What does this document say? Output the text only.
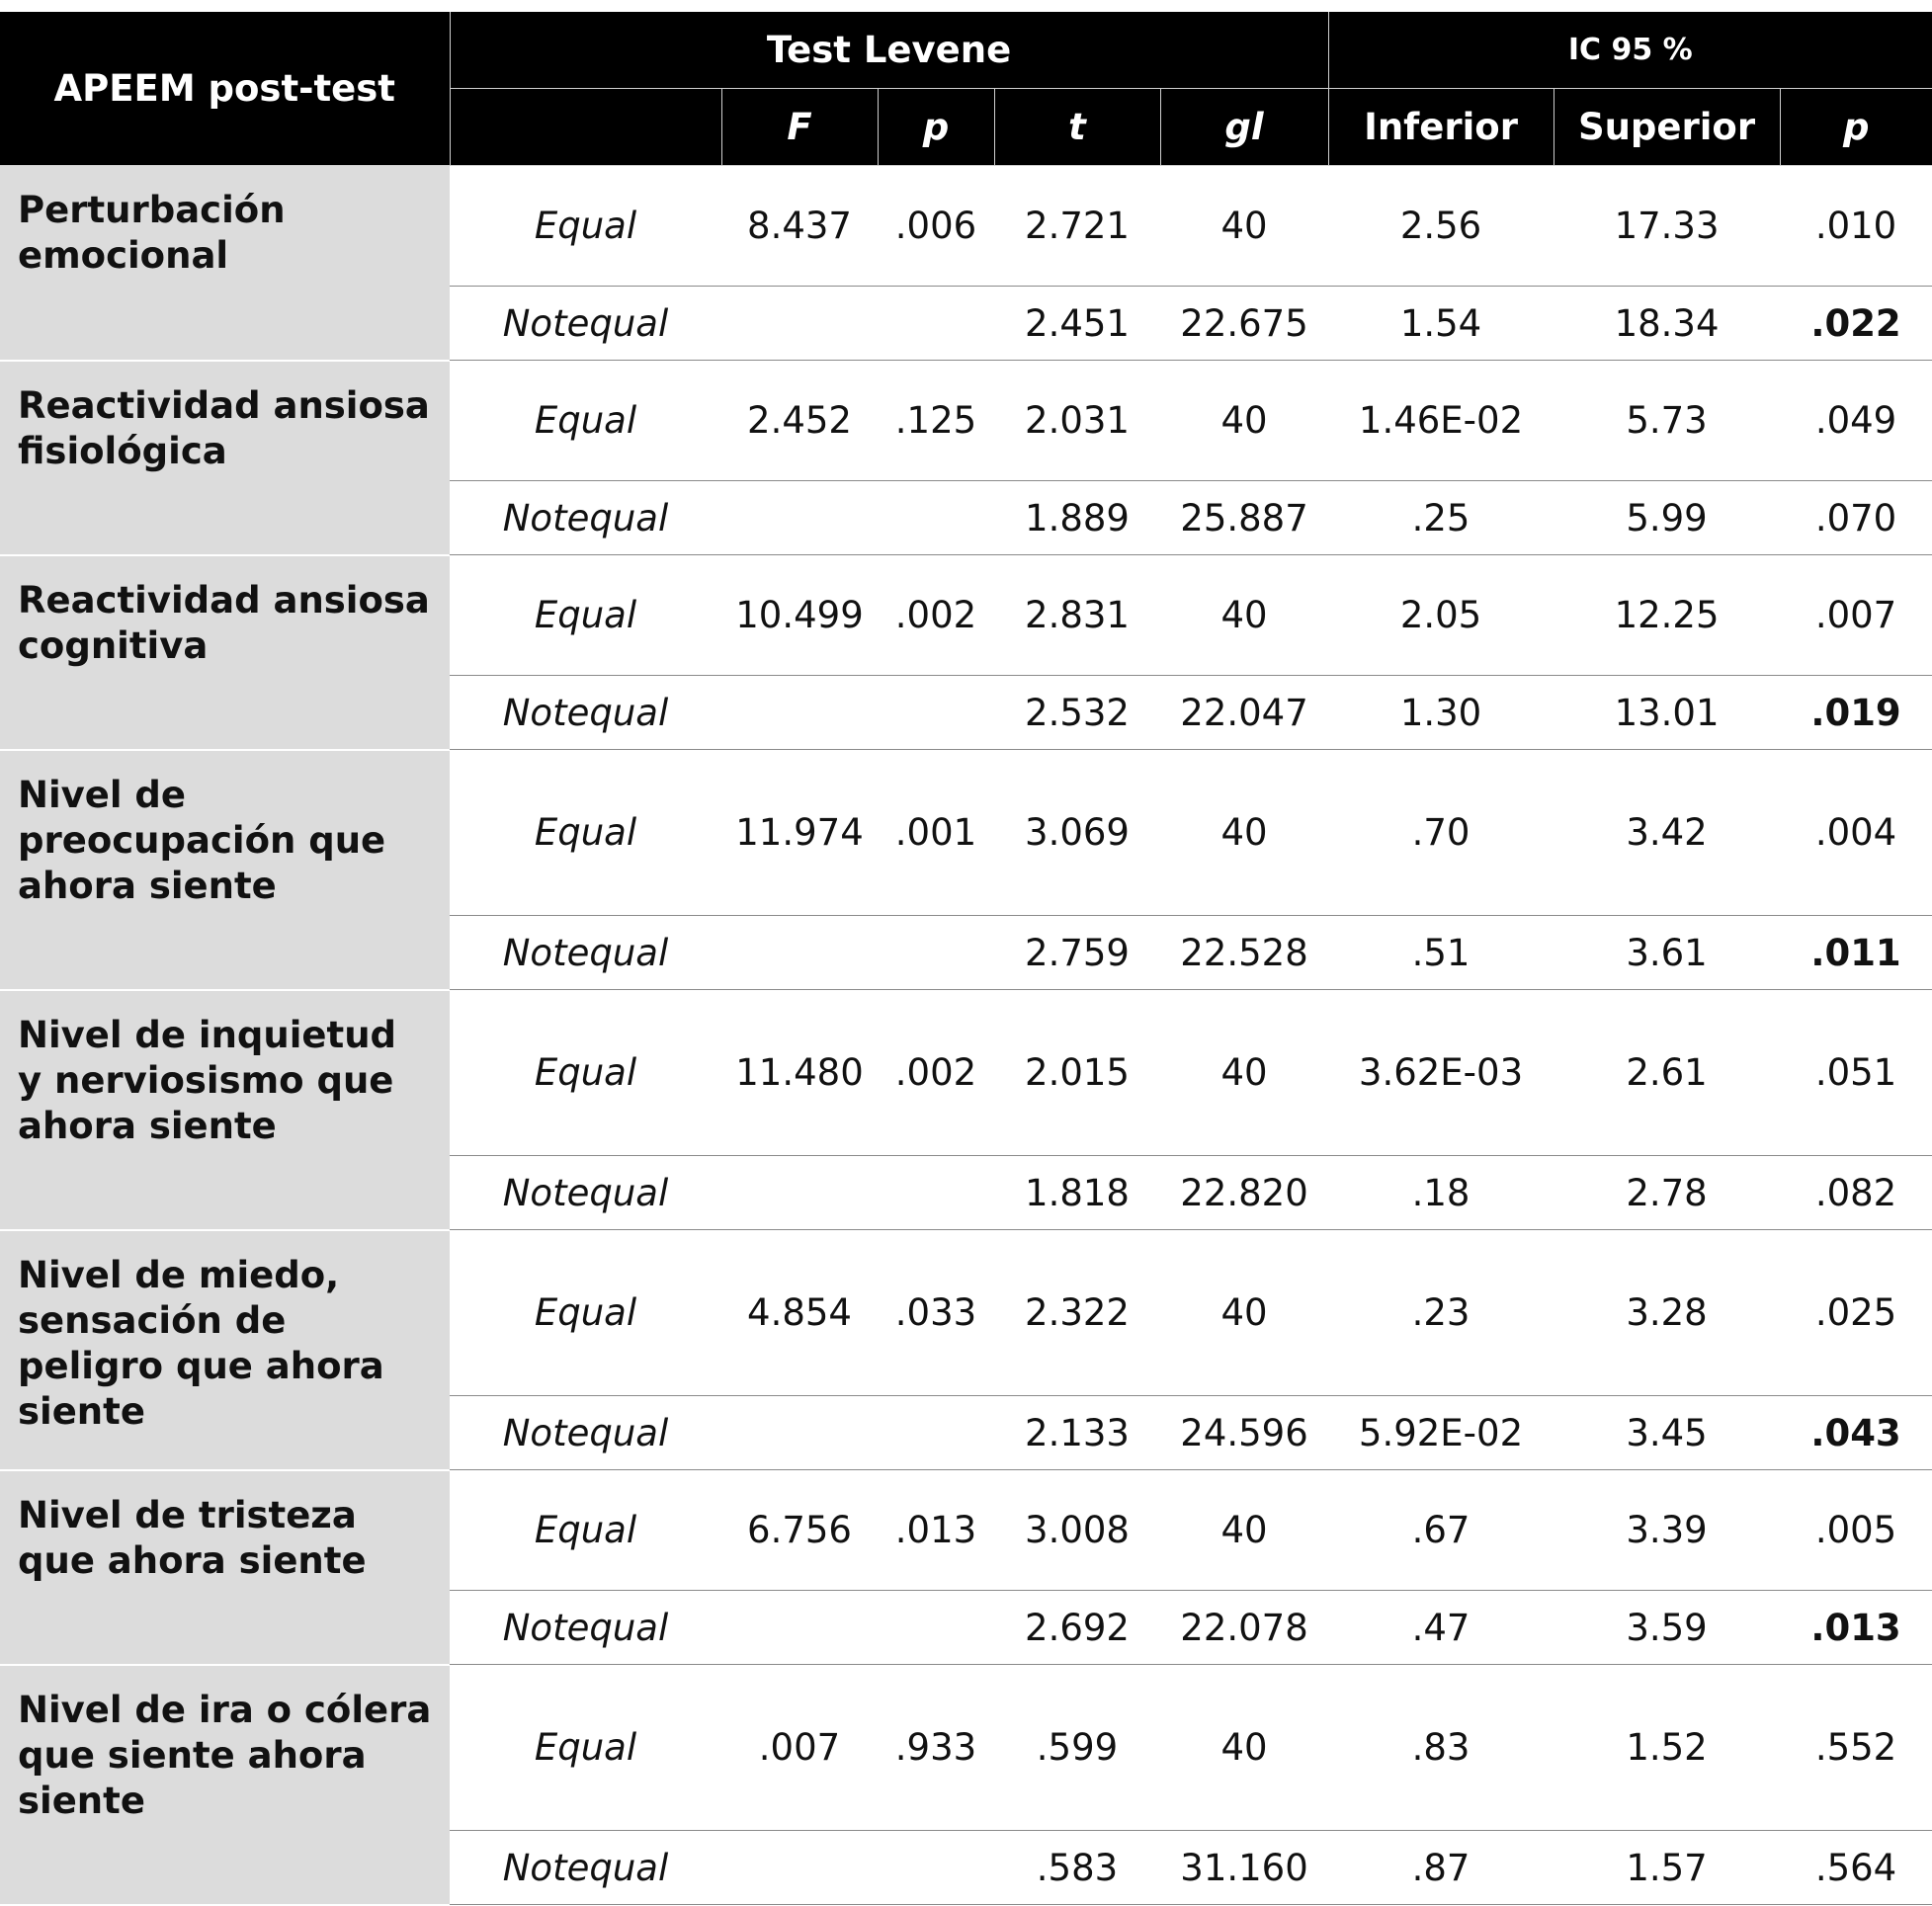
APEEM post-test	Test Levene					IC 95 %		
		F	p	t	gl	Inferior	Superior	p
Perturbación emocional	Equal	8.437	.006	2.721	40	2.56	17.33	.010
	Notequal			2.451	22.675	1.54	18.34	.022
Reactividad ansiosa fisiológica	Equal	2.452	.125	2.031	40	1.46E-02	5.73	.049
	Notequal			1.889	25.887	.25	5.99	.070
Reactividad ansiosa cognitiva	Equal	10.499	.002	2.831	40	2.05	12.25	.007
	Notequal			2.532	22.047	1.30	13.01	.019
Nivel de preocupación que ahora siente	Equal	11.974	.001	3.069	40	.70	3.42	.004
	Notequal			2.759	22.528	.51	3.61	.011
Nivel de inquietud y nerviosismo que ahora siente	Equal	11.480	.002	2.015	40	3.62E-03	2.61	.051
	Notequal			1.818	22.820	.18	2.78	.082
Nivel de miedo, sensación de peligro que ahora siente	Equal	4.854	.033	2.322	40	.23	3.28	.025
	Notequal			2.133	24.596	5.92E-02	3.45	.043
Nivel de tristeza que ahora siente	Equal	6.756	.013	3.008	40	.67	3.39	.005
	Notequal			2.692	22.078	.47	3.59	.013
Nivel de ira o cólera que siente ahora siente	Equal	.007	.933	.599	40	.83	1.52	.552
	Notequal			.583	31.160	.87	1.57	.564
